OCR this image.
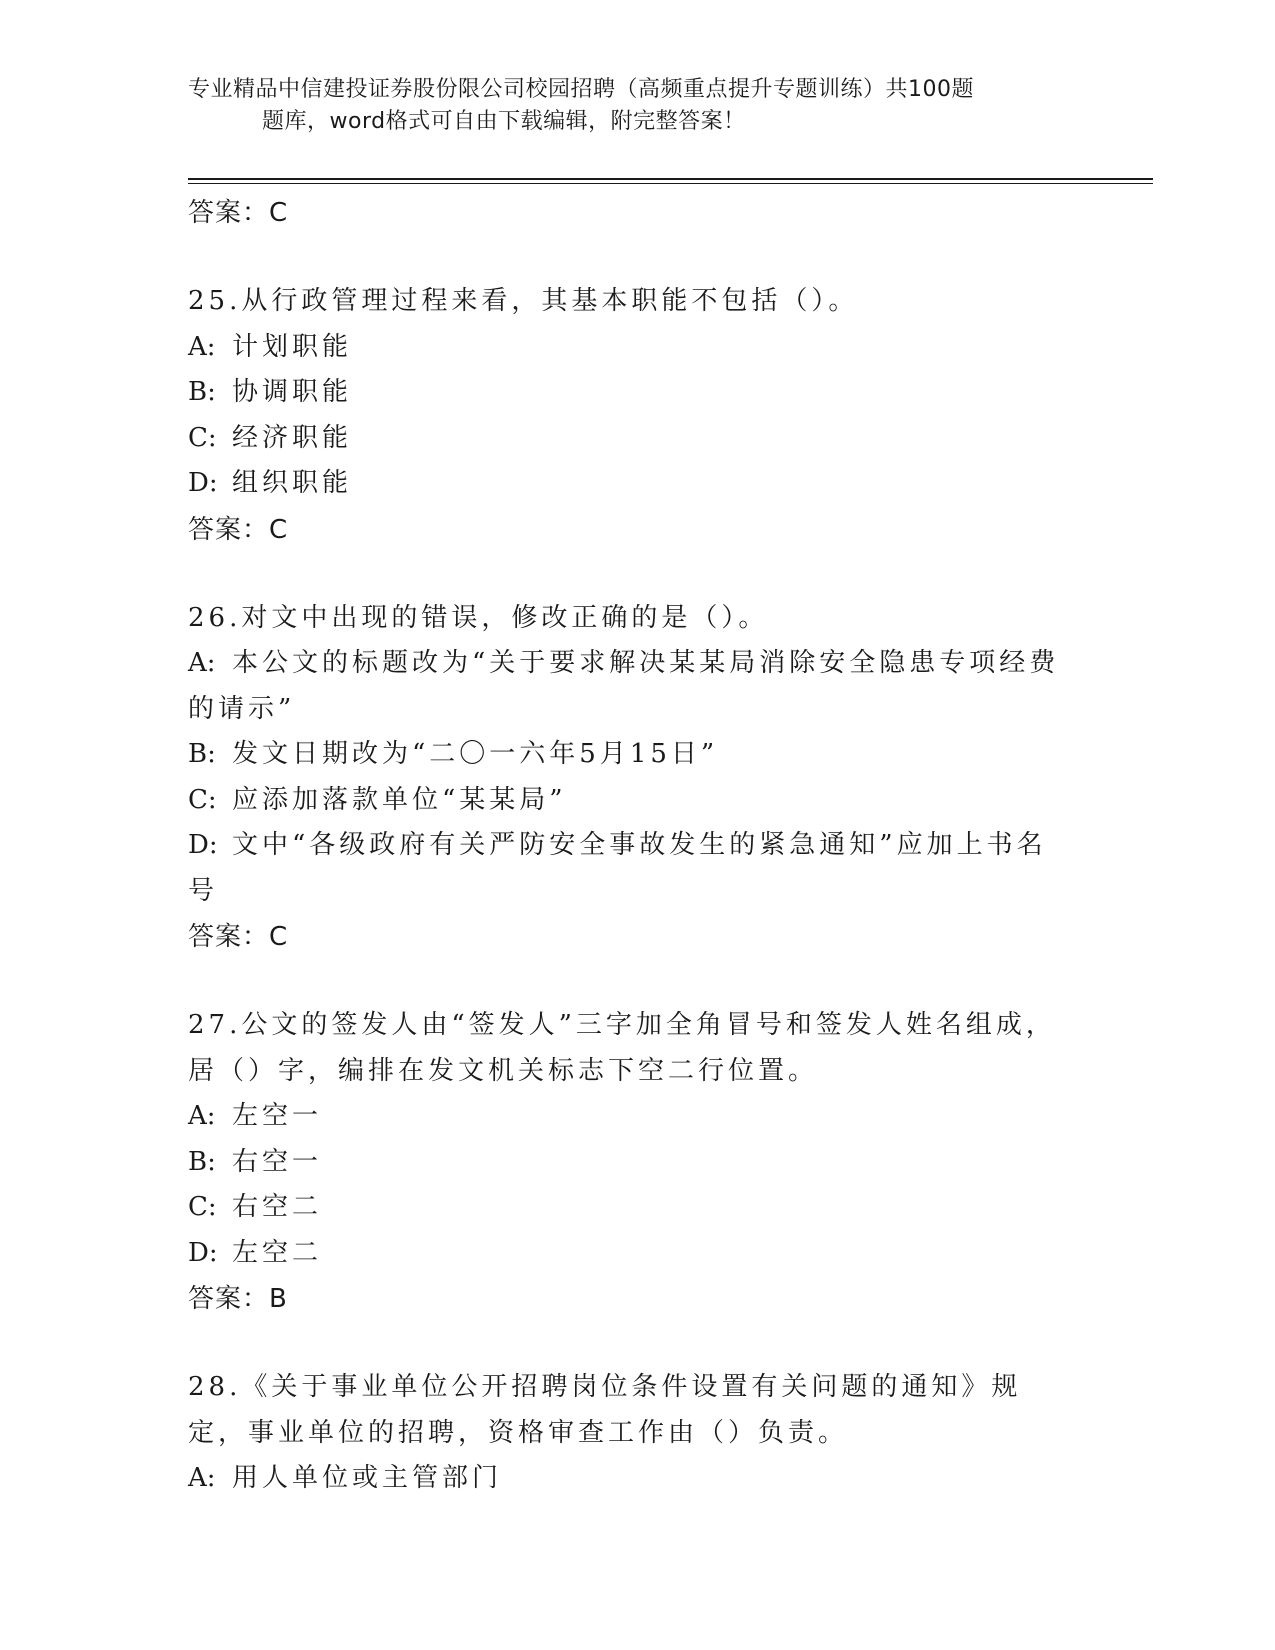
专业精品中信建投证券股份限公司校园招聘（高频重点提升专题训练）共100题
题库，word格式可自由下载编辑，附完整答案！
答案：C
25.从行政管理过程来看，其基本职能不包括（）。
A: 计划职能
B: 协调职能
C: 经济职能
D: 组织职能
答案：C
26.对文中出现的错误，修改正确的是（）。
A: 本公文的标题改为“关于要求解决某某局消除安全隐患专项经费的请示”
B: 发文日期改为“二〇一六年5月15日”
C: 应添加落款单位“某某局”
D: 文中“各级政府有关严防安全事故发生的紧急通知”应加上书名号
答案：C
27.公文的签发人由“签发人”三字加全角冒号和签发人姓名组成，居（）字，编排在发文机关标志下空二行位置。
A: 左空一
B: 右空一
C: 右空二
D: 左空二
答案：B
28.《关于事业单位公开招聘岗位条件设置有关问题的通知》规定，事业单位的招聘，资格审查工作由（）负责。
A: 用人单位或主管部门
